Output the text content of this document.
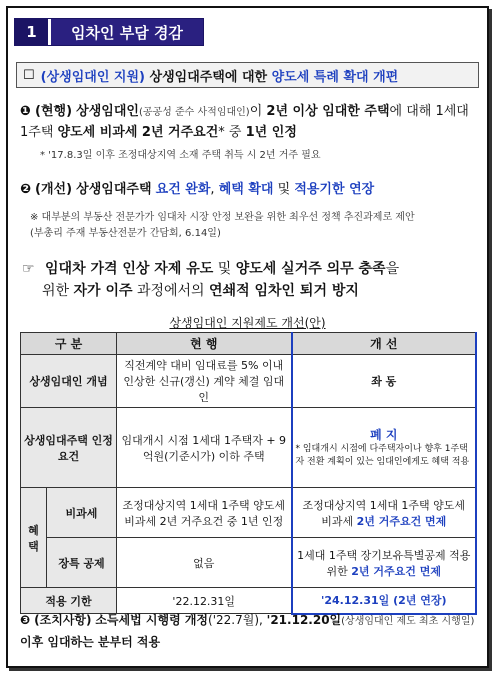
1	임차인 부담 경감
☐ (상생임대인 지원)
상생임대주택에 대한
양도세 특례 확대 개편
❶ (현행) 상생임대인(공공성 준수 사적임대인)이 2년 이상 임대한 주택에 대해 1세대 1주택 양도세 비과세 2년 거주요건* 중 1년 인정
* '17.8.3일 이후 조정대상지역 소재 주택 취득 시 2년 거주 필요
❷ (개선) 상생임대주택 요건 완화, 혜택 확대 및 적용기한 연장
※ 대부분의 부동산 전문가가 임대차 시장 안정 보완을 위한 최우선 정책 추진과제로 제안
(부총리 주재 부동산전문가 간담회, 6.14일)
☞ 임대차 가격 인상 자제 유도 및 양도세 실거주 의무 충족을
위한 자가 이주 과정에서의 연쇄적 임차인 퇴거 방지
상생임대인 지원제도 개선(안)
구 분		현 행	개 선
상생임대인 개념		직전계약 대비 임대료를 5% 이내 인상한 신규(갱신) 계약 체결 임대인	좌 동
상생임대주택 인정 요건		임대개시 시점 1세대 1주택자 + 9억원(기준시가) 이하 주택	폐 지
* 임대개시 시점에 다주택자이나 향후 1주택자 전환 계획이 있는 임대인에게도 혜택 적용

혜택	비과세	조정대상지역 1세대 1주택 양도세 비과세 2년 거주요건 중 1년 인정	조정대상지역 1세대 1주택 양도세 비과세 2년 거주요건 면제
	장특 공제	없음	1세대 1주택 장기보유특별공제 적용 위한 2년 거주요건 면제
적용 기한		'22.12.31일	'24.12.31일 (2년 연장)
❸ (조치사항) 소득세법 시행령 개정('22.7월), '21.12.20일(상생임대인 제도 최초 시행일) 이후 임대하는 분부터 적용
